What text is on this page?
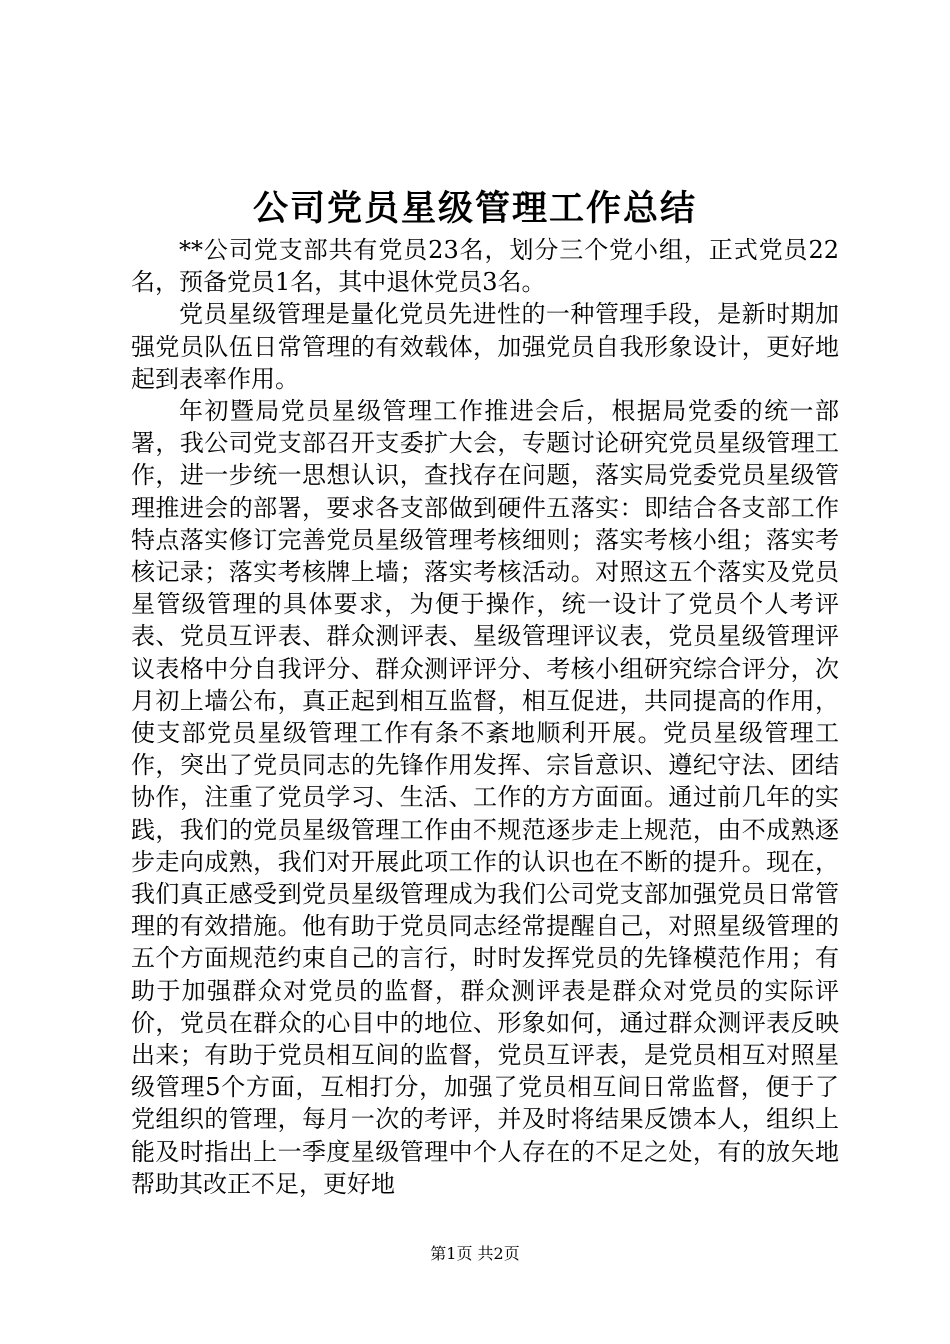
公司党员星级管理工作总结

**公司党支部共有党员23名，划分三个党小组，正式党员22名，预备党员1名，其中退休党员3名。

党员星级管理是量化党员先进性的一种管理手段，是新时期加强党员队伍日常管理的有效载体，加强党员自我形象设计，更好地起到表率作用。

年初暨局党员星级管理工作推进会后，根据局党委的统一部署，我公司党支部召开支委扩大会，专题讨论研究党员星级管理工作，进一步统一思想认识，查找存在问题，落实局党委党员星级管理推进会的部署，要求各支部做到硬件五落实：即结合各支部工作特点落实修订完善党员星级管理考核细则；落实考核小组；落实考核记录；落实考核牌上墙；落实考核活动。对照这五个落实及党员星管级管理的具体要求，为便于操作，统一设计了党员个人考评表、党员互评表、群众测评表、星级管理评议表，党员星级管理评议表格中分自我评分、群众测评评分、考核小组研究综合评分，次月初上墙公布，真正起到相互监督，相互促进，共同提高的作用，使支部党员星级管理工作有条不紊地顺利开展。党员星级管理工作，突出了党员同志的先锋作用发挥、宗旨意识、遵纪守法、团结协作，注重了党员学习、生活、工作的方方面面。通过前几年的实践，我们的党员星级管理工作由不规范逐步走上规范，由不成熟逐步走向成熟，我们对开展此项工作的认识也在不断的提升。现在，我们真正感受到党员星级管理成为我们公司党支部加强党员日常管理的有效措施。他有助于党员同志经常提醒自己，对照星级管理的五个方面规范约束自己的言行，时时发挥党员的先锋模范作用；有助于加强群众对党员的监督，群众测评表是群众对党员的实际评价，党员在群众的心目中的地位、形象如何，通过群众测评表反映出来；有助于党员相互间的监督，党员互评表，是党员相互对照星级管理5个方面，互相打分，加强了党员相互间日常监督，便于了党组织的管理，每月一次的考评，并及时将结果反馈本人，组织上能及时指出上一季度星级管理中个人存在的不足之处，有的放矢地帮助其改正不足，更好地

第1页 共2页
